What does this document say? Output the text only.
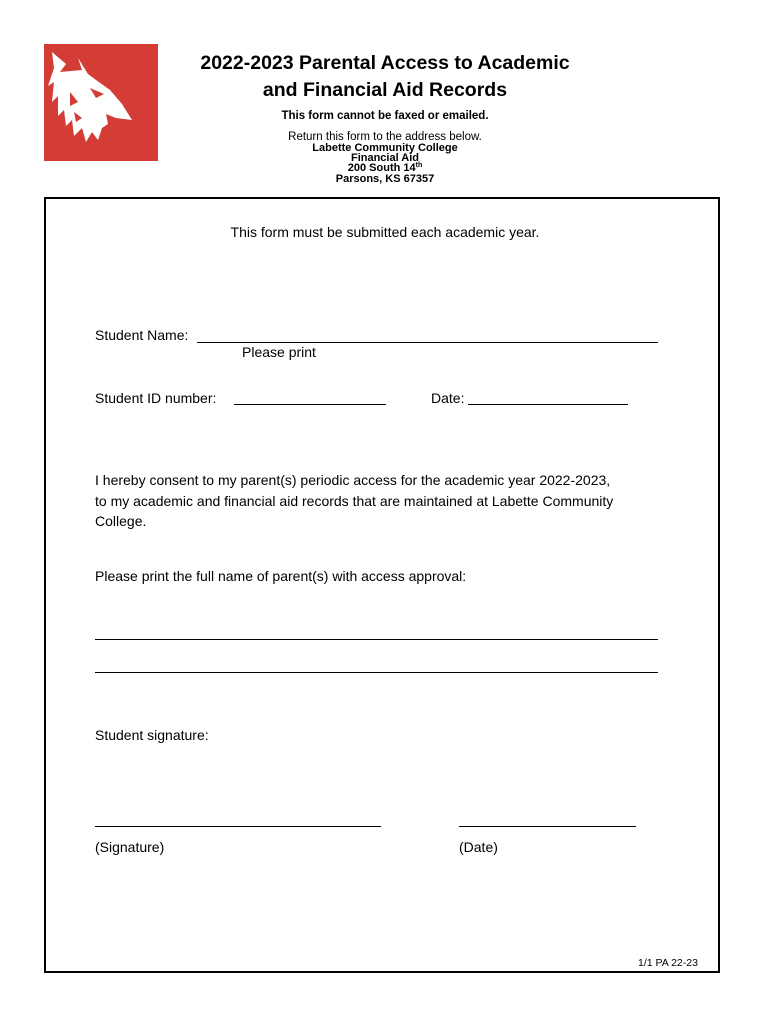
2022-2023 Parental Access to Academic
and Financial Aid Records
This form cannot be faxed or emailed.
Return this form to the address below.
Labette Community College
Financial Aid
200 South 14th
Parsons, KS 67357
This form must be submitted each academic year.
Student Name:
Please print
Student ID number:	Date:
I hereby consent to my parent(s) periodic access for the academic year 2022-2023,
to my academic and financial aid records that are maintained at Labette Community
College.
Please print the full name of parent(s) with access approval:
Student signature:
(Signature)	(Date)
1/1 PA 22-23
